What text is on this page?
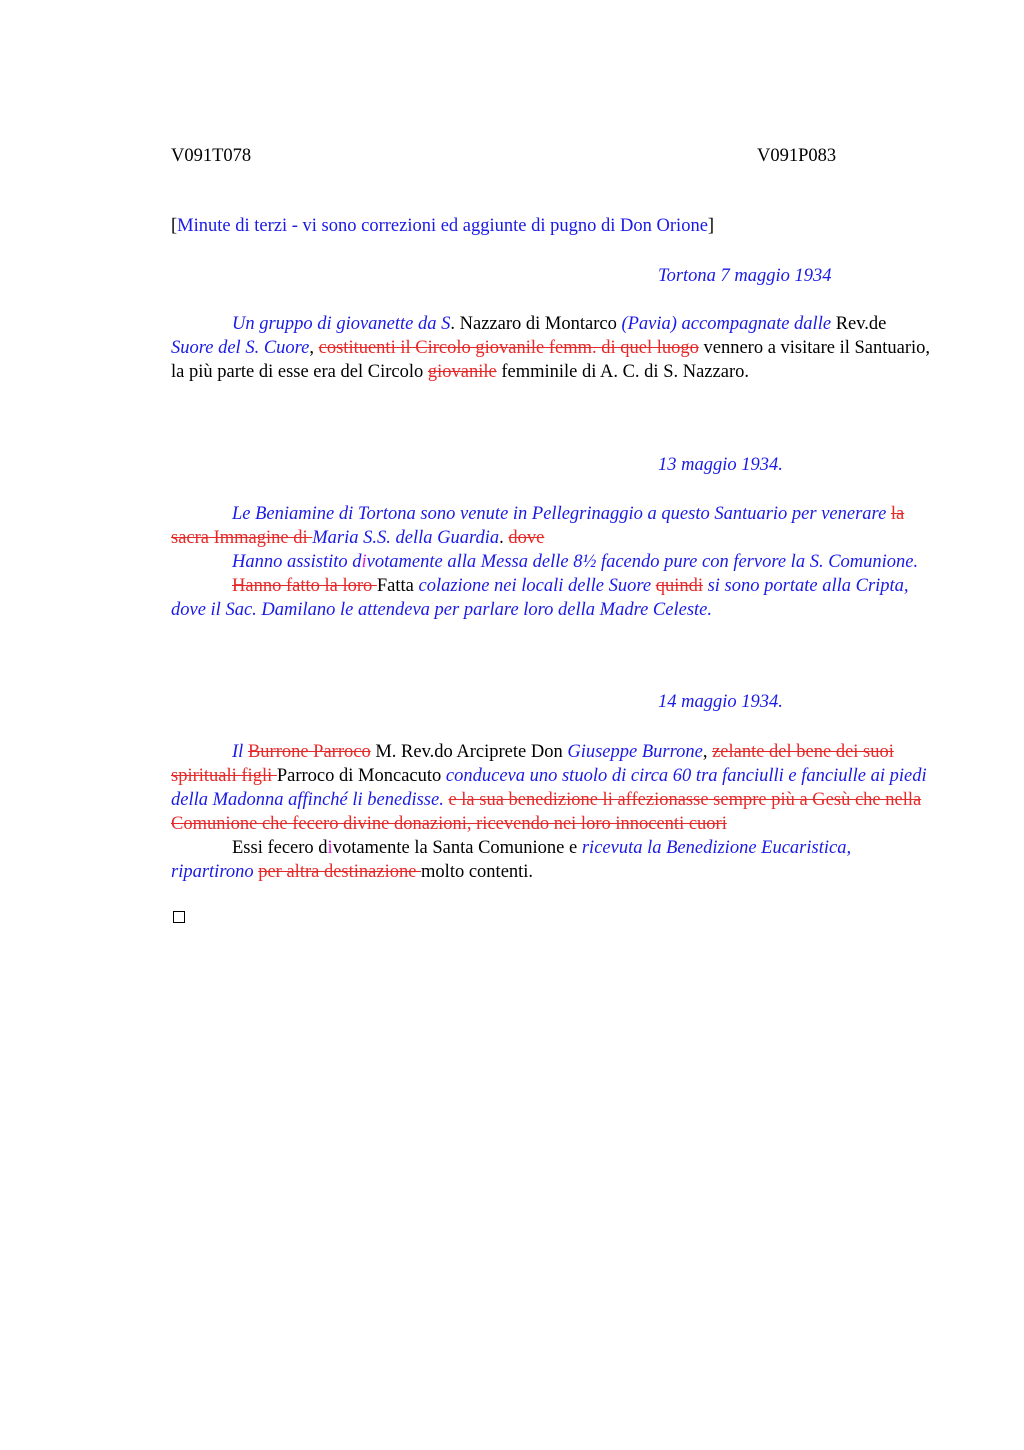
V091T078	V091P083
[Minute di terzi - vi sono correzioni ed aggiunte di pugno di Don Orione]
Tortona 7 maggio 1934

Un gruppo di giovanette da S. Nazzaro di Montarco (Pavia) accompagnate dalle Rev.de Suore del S. Cuore, costituenti il Circolo giovanile femm. di quel luogo vennero a visitare il Santuario, la più parte di esse era del Circolo giovanile femminile di A. C. di S. Nazzaro.

13 maggio 1934.

Le Beniamine di Tortona sono venute in Pellegrinaggio a questo Santuario per venerare la sacra Immagine di Maria S.S. della Guardia. dove

Hanno assistito divotamente alla Messa delle 8½ facendo pure con fervore la S. Comunione.

Hanno fatto la loro Fatta colazione nei locali delle Suore quindi si sono portate alla Cripta, dove il Sac. Damilano le attendeva per parlare loro della Madre Celeste.

14 maggio 1934.

Il Burrone Parroco M. Rev.do Arciprete Don Giuseppe Burrone, zelante del bene dei suoi spirituali figli Parroco di Moncacuto conduceva uno stuolo di circa 60 tra fanciulli e fanciulle ai piedi della Madonna affinché li benedisse. e la sua benedizione li affezionasse sempre più a Gesù che nella Comunione che fecero divine donazioni, ricevendo nei loro innocenti cuori

Essi fecero divotamente la Santa Comunione e ricevuta la Benedizione Eucaristica, ripartirono per altra destinazione molto contenti.
